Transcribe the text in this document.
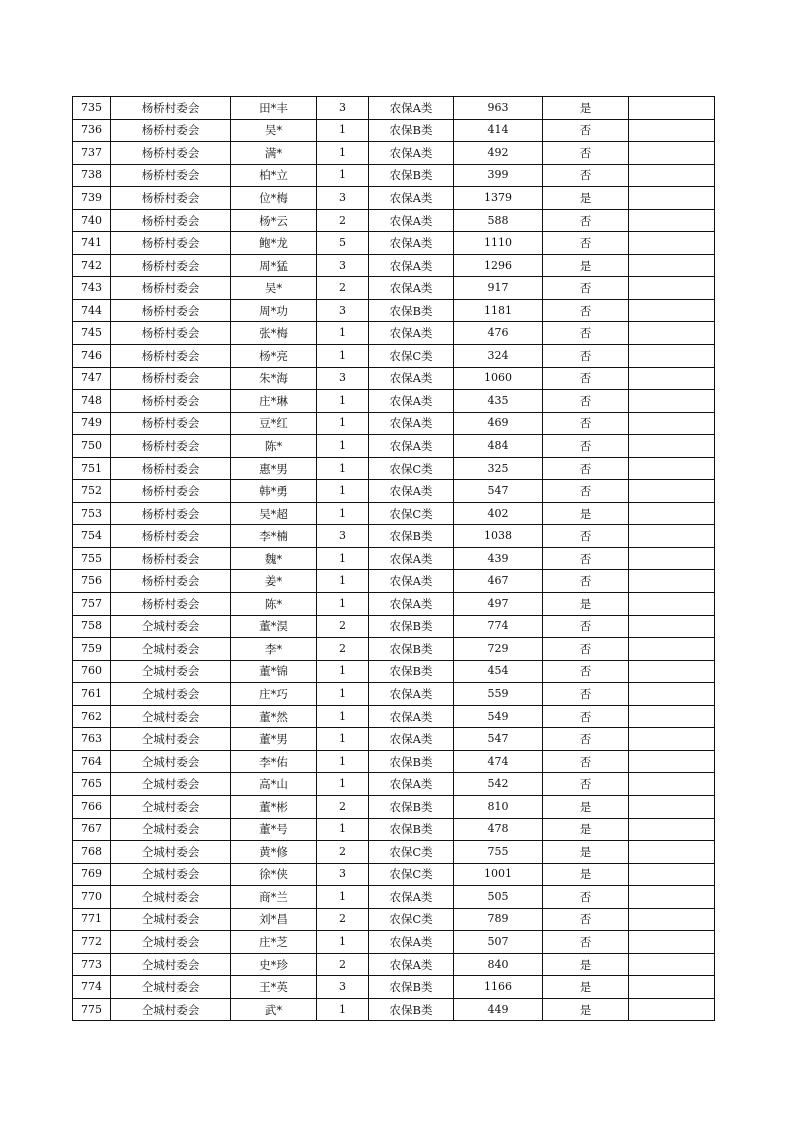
735	杨桥村委会	田*丰	3	农保A类	963	是	
736	杨桥村委会	吴*	1	农保B类	414	否	
737	杨桥村委会	满*	1	农保A类	492	否	
738	杨桥村委会	柏*立	1	农保B类	399	否	
739	杨桥村委会	位*梅	3	农保A类	1379	是	
740	杨桥村委会	杨*云	2	农保A类	588	否	
741	杨桥村委会	鲍*龙	5	农保A类	1110	否	
742	杨桥村委会	周*猛	3	农保A类	1296	是	
743	杨桥村委会	吴*	2	农保A类	917	否	
744	杨桥村委会	周*功	3	农保B类	1181	否	
745	杨桥村委会	张*梅	1	农保A类	476	否	
746	杨桥村委会	杨*亮	1	农保C类	324	否	
747	杨桥村委会	朱*海	3	农保A类	1060	否	
748	杨桥村委会	庄*琳	1	农保A类	435	否	
749	杨桥村委会	豆*红	1	农保A类	469	否	
750	杨桥村委会	陈*	1	农保A类	484	否	
751	杨桥村委会	惠*男	1	农保C类	325	否	
752	杨桥村委会	韩*勇	1	农保A类	547	否	
753	杨桥村委会	吴*超	1	农保C类	402	是	
754	杨桥村委会	李*楠	3	农保B类	1038	否	
755	杨桥村委会	魏*	1	农保A类	439	否	
756	杨桥村委会	姜*	1	农保A类	467	否	
757	杨桥村委会	陈*	1	农保A类	497	是	
758	仝城村委会	董*淏	2	农保B类	774	否	
759	仝城村委会	李*	2	农保B类	729	否	
760	仝城村委会	董*锦	1	农保B类	454	否	
761	仝城村委会	庄*巧	1	农保A类	559	否	
762	仝城村委会	董*然	1	农保A类	549	否	
763	仝城村委会	董*男	1	农保A类	547	否	
764	仝城村委会	李*佑	1	农保B类	474	否	
765	仝城村委会	高*山	1	农保A类	542	否	
766	仝城村委会	董*彬	2	农保B类	810	是	
767	仝城村委会	董*号	1	农保B类	478	是	
768	仝城村委会	黄*修	2	农保C类	755	是	
769	仝城村委会	徐*侠	3	农保C类	1001	是	
770	仝城村委会	商*兰	1	农保A类	505	否	
771	仝城村委会	刘*昌	2	农保C类	789	否	
772	仝城村委会	庄*芝	1	农保A类	507	否	
773	仝城村委会	史*珍	2	农保A类	840	是	
774	仝城村委会	王*英	3	农保B类	1166	是	
775	仝城村委会	武*	1	农保B类	449	是	
